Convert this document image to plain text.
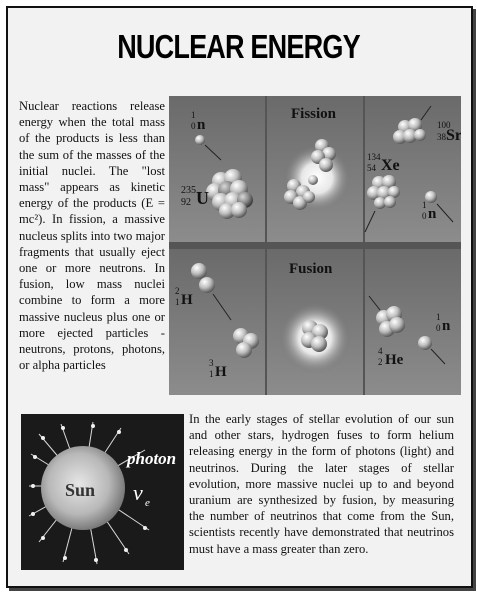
NUCLEAR ENERGY
Nuclear reactions release energy when the total mass of the products is less than the sum of the masses of the initial nuclei. The "lost mass" appears as kinetic energy of the products (E = mc²). In fission, a massive nucleus splits into two major fragments that usually eject one or more neutrons. In fusion, low mass nuclei combine to form a more massive nucleus plus one or more ejected particles - neutrons, protons, photons, or alpha particles
1
0 n
235
92 U
Fission
100
38 Sr
134
54 Xe
1
0 n
2
1 H
3
1 H
Fusion
4
2 He
1
0 n
Sun
photon
ν e
In the early stages of stellar evolution of our sun and other stars, hydrogen fuses to form helium releasing energy in the form of photons (light) and neutrinos. During the later stages of stellar evolution, more massive nuclei up to and beyond uranium are synthesized by fusion, by measuring the number of neutrinos that come from the Sun, scientists recently have demonstrated that neutrinos must have a mass greater than zero.
